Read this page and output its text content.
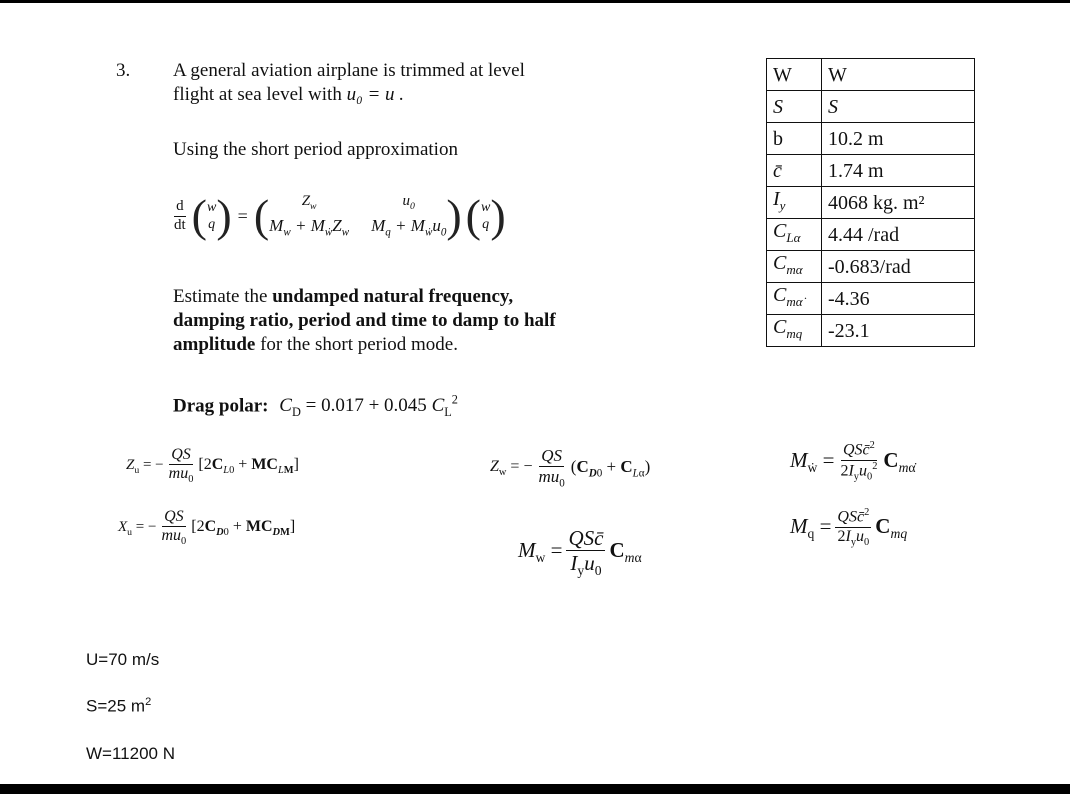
3. A general aviation airplane is trimmed at level
flight at sea level with u₀ = u .
Using the short period approximation
$\frac{d}{dt}$ ( w
q ) = (	$Z_w$	$u_0$
$M_w + M_ẇZ_w$ $M_q + M_ẇu_0$ ) ( w
q )
Estimate the undamped natural frequency,
damping ratio, period and time to damp to half
amplitude for the short period mode.
Drag polar: $C_D = 0.017 + 0.045$ $C_L^2$
W	W
S	S
b	10.2 m
c̄	1.74 m
$I_y$	4068 kg. m²
$C_{L\alpha}$	4.44 /rad
$C_{m\alpha}$	-0.683/rad
$C_{m\alphȧ}$	-4.36
$C_{mq}$	-23.1
$Z_u$ = − $\frac{QS}{mu_0} [2C_{L0} + MC_{LM}]$
$X_u$ = − $\frac{QS}{mu_0} [2C_{D0} + MC_{DM}]$
$Z_w$ = − $\frac{QS}{mu_0} (C_{D0} + C_{L\alpha})$
$M_w = \frac{\text{QSc̄}}{I_yu_0} C_{m\alpha}$
$M_ẇ = \frac{QSc̄^2}{2I_yu_0^2} C_{m\alphȧ}$
$M_q = \frac{QSc̄^2}{2I_yu_0} C_{mq}$
U=70 m/s
S=25 $m^2$
W=11200 N
